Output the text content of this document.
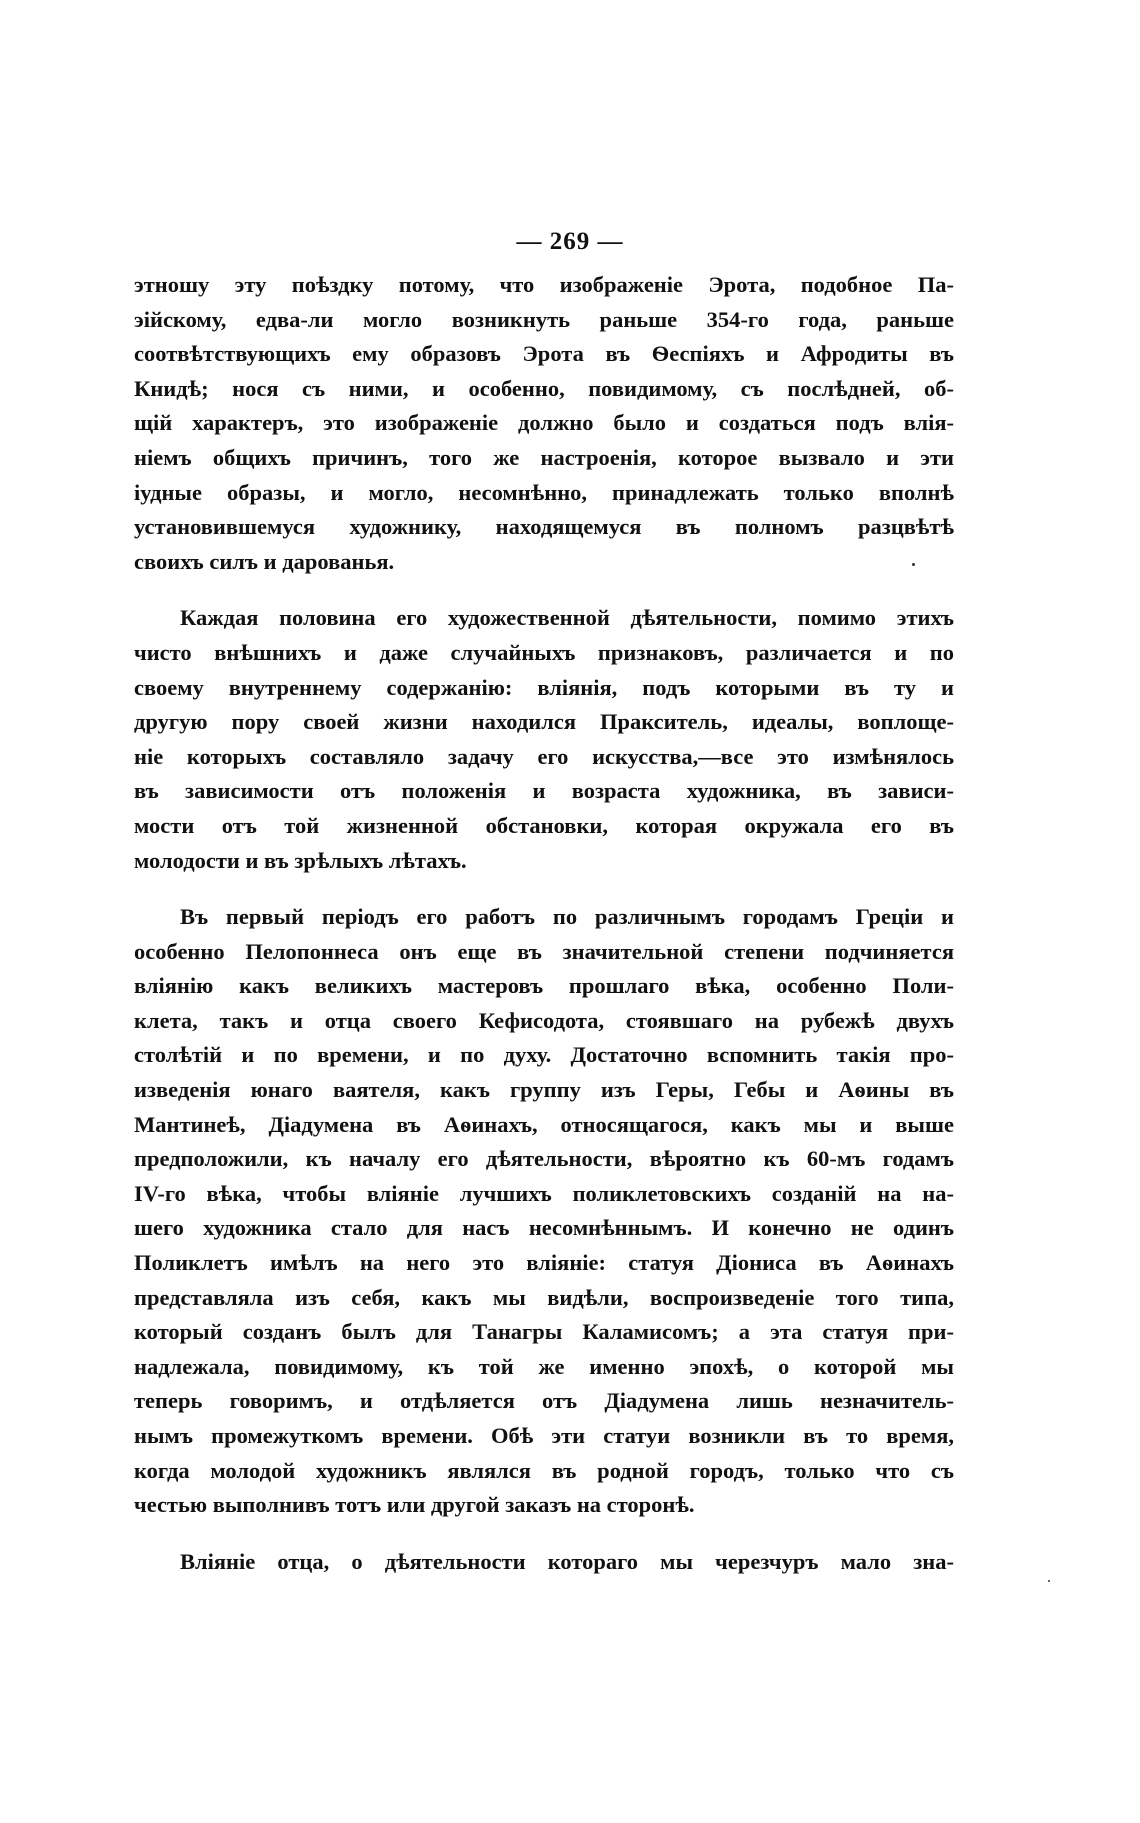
— 269 —
этношу эту поѣздку потому, что изображеніе Эрота, подобное Па-
эійскому, едва-ли могло возникнуть раньше 354-го года, раньше
соотвѣтствующихъ ему образовъ Эрота въ Ѳеспіяхъ и Афродиты въ
Книдѣ; нося съ ними, и особенно, повидимому, съ послѣдней, об-
щій характеръ, это изображеніе должно было и создаться подъ влія-
ніемъ общихъ причинъ, того же настроенія, которое вызвало и эти
іудные образы, и могло, несомнѣнно, принадлежать только вполнѣ
установившемуся художнику, находящемуся въ полномъ разцвѣтѣ
своихъ силъ и дарованья.
Каждая половина его художественной дѣятельности, помимо этихъ
чисто внѣшнихъ и даже случайныхъ признаковъ, различается и по
своему внутреннему содержанію: вліянія, подъ которыми въ ту и
другую пору своей жизни находился Пракситель, идеалы, воплоще-
ніе которыхъ составляло задачу его искусства,—все это измѣнялось
въ зависимости отъ положенія и возраста художника, въ зависи-
мости отъ той жизненной обстановки, которая окружала его въ
молодости и въ зрѣлыхъ лѣтахъ.
Въ первый періодъ его работъ по различнымъ городамъ Греціи и
особенно Пелопоннеса онъ еще въ значительной степени подчиняется
вліянію какъ великихъ мастеровъ прошлаго вѣка, особенно Поли-
клета, такъ и отца своего Кефисодота, стоявшаго на рубежѣ двухъ
столѣтій и по времени, и по духу. Достаточно вспомнить такія про-
изведенія юнаго ваятеля, какъ группу изъ Геры, Гебы и Аѳины въ
Мантинеѣ, Діадумена въ Аѳинахъ, относящагося, какъ мы и выше
предположили, къ началу его дѣятельности, вѣроятно къ 60-мъ годамъ
IV-го вѣка, чтобы вліяніе лучшихъ поликлетовскихъ созданій на на-
шего художника стало для насъ несомнѣннымъ. И конечно не одинъ
Поликлетъ имѣлъ на него это вліяніе: статуя Діониса въ Аѳинахъ
представляла изъ себя, какъ мы видѣли, воспроизведеніе того типа,
который созданъ былъ для Танагры Каламисомъ; а эта статуя при-
надлежала, повидимому, къ той же именно эпохѣ, о которой мы
теперь говоримъ, и отдѣляется отъ Діадумена лишь незначитель-
нымъ промежуткомъ времени. Обѣ эти статуи возникли въ то время,
когда молодой художникъ являлся въ родной городъ, только что съ
честью выполнивъ тотъ или другой заказъ на сторонѣ.
Вліяніе отца, о дѣятельности котораго мы черезчуръ мало зна-
